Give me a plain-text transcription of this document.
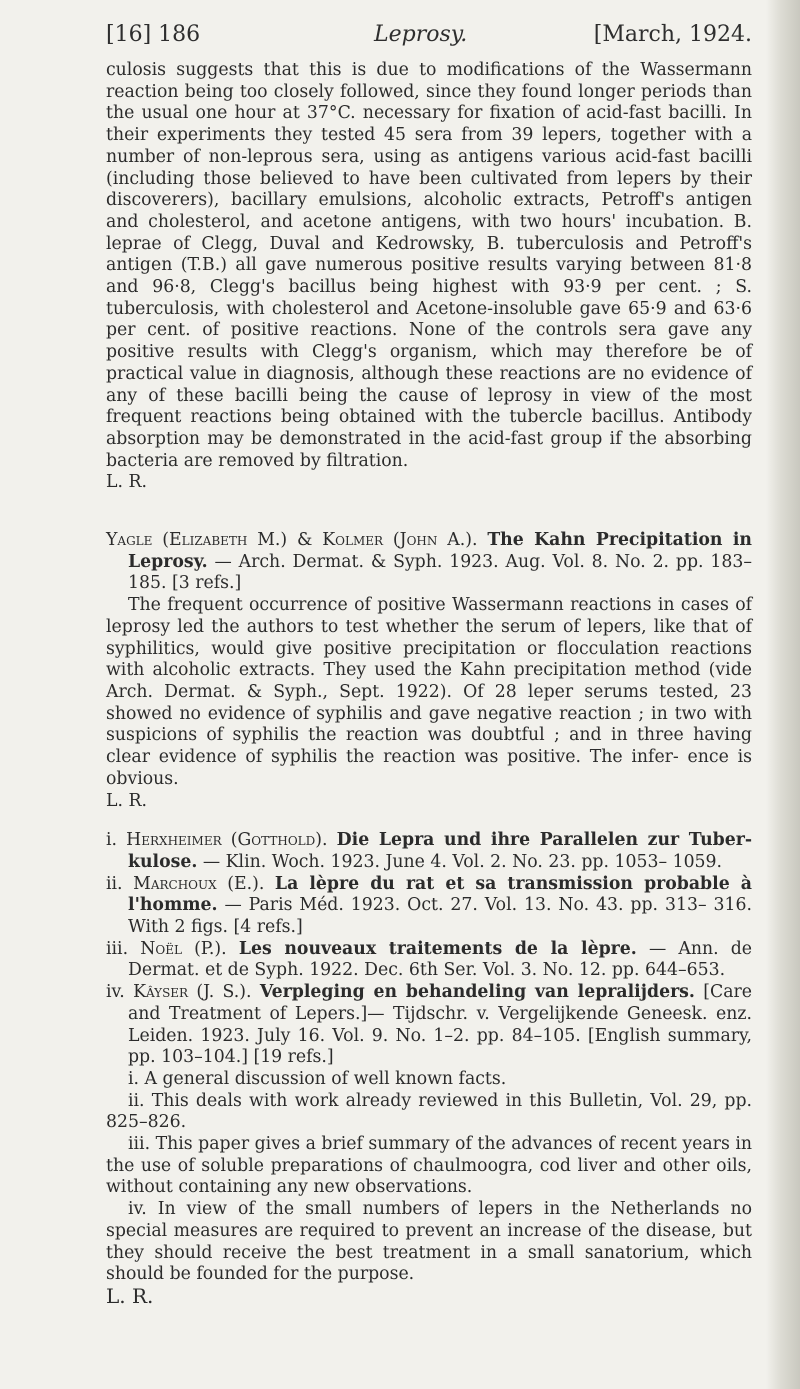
[16] 186	Leprosy.	[March, 1924.

culosis suggests that this is due to modifications of the Wassermann reaction being too closely followed, since they found longer periods than the usual one hour at 37°C. necessary for fixation of acid-fast bacilli. In their experiments they tested 45 sera from 39 lepers, together with a number of non-leprous sera, using as antigens various acid-fast bacilli (including those believed to have been cultivated from lepers by their discoverers), bacillary emulsions, alcoholic extracts, Petroff's antigen and cholesterol, and acetone antigens, with two hours' incubation. B. leprae of Clegg, Duval and Kedrowsky, B. tuberculosis and Petroff's antigen (T.B.) all gave numerous positive results varying between 81·8 and 96·8, Clegg's bacillus being highest with 93·9 per cent. ; S. tuberculosis, with cholesterol and Acetone-insoluble gave 65·9 and 63·6 per cent. of positive reactions. None of the controls sera gave any positive results with Clegg's organism, which may therefore be of practical value in diagnosis, although these reactions are no evidence of any of these bacilli being the cause of leprosy in view of the most frequent reactions being obtained with the tubercle bacillus. Antibody absorption may be demonstrated in the acid-fast group if the absorbing bacteria are removed by filtration.

L. R.

Yagle (Elizabeth M.) & Kolmer (John A.). The Kahn Precipitation in Leprosy. — Arch. Dermat. & Syph. 1923. Aug. Vol. 8. No. 2. pp. 183–185. [3 refs.]

The frequent occurrence of positive Wassermann reactions in cases of leprosy led the authors to test whether the serum of lepers, like that of syphilitics, would give positive precipitation or flocculation reactions with alcoholic extracts. They used the Kahn precipitation method (vide Arch. Dermat. & Syph., Sept. 1922). Of 28 leper serums tested, 23 showed no evidence of syphilis and gave negative reaction ; in two with suspicions of syphilis the reaction was doubtful ; and in three having clear evidence of syphilis the reaction was positive. The infer- ence is obvious.

L. R.

i. Herxheimer (Gotthold). Die Lepra und ihre Parallelen zur Tuber- kulose. — Klin. Woch. 1923. June 4. Vol. 2. No. 23. pp. 1053– 1059.

ii. Marchoux (E.). La lèpre du rat et sa transmission probable à l'homme. — Paris Méd. 1923. Oct. 27. Vol. 13. No. 43. pp. 313– 316. With 2 figs. [4 refs.]

iii. Noël (P.). Les nouveaux traitements de la lèpre. — Ann. de Dermat. et de Syph. 1922. Dec. 6th Ser. Vol. 3. No. 12. pp. 644–653.

iv. Kâyser (J. S.). Verpleging en behandeling van lepralijders. [Care and Treatment of Lepers.]— Tijdschr. v. Vergelijkende Geneesk. enz. Leiden. 1923. July 16. Vol. 9. No. 1–2. pp. 84–105. [English summary, pp. 103–104.] [19 refs.]

i. A general discussion of well known facts.

ii. This deals with work already reviewed in this Bulletin, Vol. 29, pp. 825–826.

iii. This paper gives a brief summary of the advances of recent years in the use of soluble preparations of chaulmoogra, cod liver and other oils, without containing any new observations.

iv. In view of the small numbers of lepers in the Netherlands no special measures are required to prevent an increase of the disease, but they should receive the best treatment in a small sanatorium, which should be founded for the purpose.

L. R.
